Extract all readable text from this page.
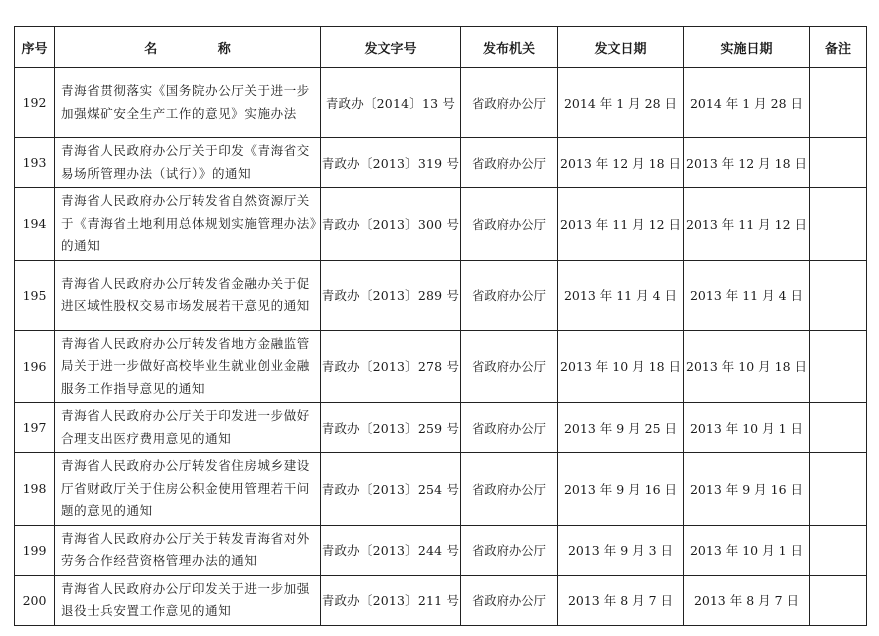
序号	名 称	发文字号	发布机关	发文日期	实施日期	备注
192	青海省贯彻落实《国务院办公厅关于进一步加强煤矿安全生产工作的意见》实施办法	青政办〔2014〕13 号	省政府办公厅	2014 年 1 月 28 日	2014 年 1 月 28 日	
193	青海省人民政府办公厅关于印发《青海省交易场所管理办法（试行）》的通知	青政办〔2013〕319 号	省政府办公厅	2013 年 12 月 18 日	2013 年 12 月 18 日	
194	青海省人民政府办公厅转发省自然资源厅关于《青海省土地利用总体规划实施管理办法》的通知	青政办〔2013〕300 号	省政府办公厅	2013 年 11 月 12 日	2013 年 11 月 12 日	
195	青海省人民政府办公厅转发省金融办关于促进区域性股权交易市场发展若干意见的通知	青政办〔2013〕289 号	省政府办公厅	2013 年 11 月 4 日	2013 年 11 月 4 日	
196	青海省人民政府办公厅转发省地方金融监管局关于进一步做好高校毕业生就业创业金融服务工作指导意见的通知	青政办〔2013〕278 号	省政府办公厅	2013 年 10 月 18 日	2013 年 10 月 18 日	
197	青海省人民政府办公厅关于印发进一步做好合理支出医疗费用意见的通知	青政办〔2013〕259 号	省政府办公厅	2013 年 9 月 25 日	2013 年 10 月 1 日	
198	青海省人民政府办公厅转发省住房城乡建设厅省财政厅关于住房公积金使用管理若干问题的意见的通知	青政办〔2013〕254 号	省政府办公厅	2013 年 9 月 16 日	2013 年 9 月 16 日	
199	青海省人民政府办公厅关于转发青海省对外劳务合作经营资格管理办法的通知	青政办〔2013〕244 号	省政府办公厅	2013 年 9 月 3 日	2013 年 10 月 1 日	
200	青海省人民政府办公厅印发关于进一步加强退役士兵安置工作意见的通知	青政办〔2013〕211 号	省政府办公厅	2013 年 8 月 7 日	2013 年 8 月 7 日	
